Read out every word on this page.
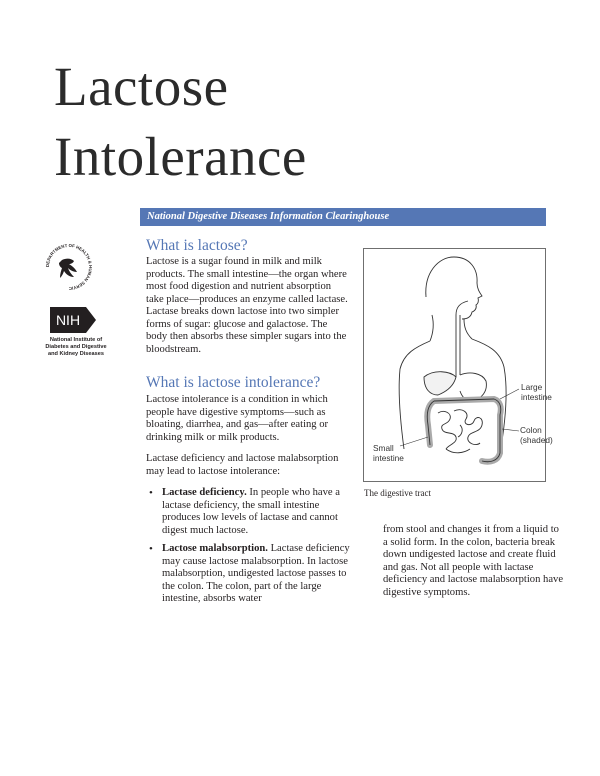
Lactose
Intolerance
National Digestive Diseases Information Clearinghouse
DEPARTMENT OF HEALTH & HUMAN SERVIC
NIH
National Institute of
Diabetes and Digestive
and Kidney Diseases
What is lactose?

Lactose is a sugar found in milk and milk products. The small intestine—the organ where most food digestion and nutrient absorption take place—produces an enzyme called lactase. Lactase breaks down lactose into two simpler forms of sugar: glucose and galactose. The body then absorbs these simpler sugars into the bloodstream.

What is lactose intolerance?

Lactose intolerance is a condition in which people have digestive symptoms—such as bloating, diarrhea, and gas—after eating or drinking milk or milk products.

Lactase deficiency and lactose malabsorption may lead to lactose intolerance:

• Lactase deficiency. In people who have a lactase deficiency, the small intestine produces low levels of lactase and cannot digest much lactose.
• Lactose malabsorption. Lactase deficiency may cause lactose malabsorption. In lactose malabsorption, undigested lactose passes to the colon. The colon, part of the large intestine, absorbs water

from stool and changes it from a liquid to a solid form. In the colon, bacteria break down undigested lactose and create fluid and gas. Not all people with lactase deficiency and lactose malabsorption have digestive symptoms.

Large
intestine
Colon
(shaded)
Small
intestine
The digestive tract
